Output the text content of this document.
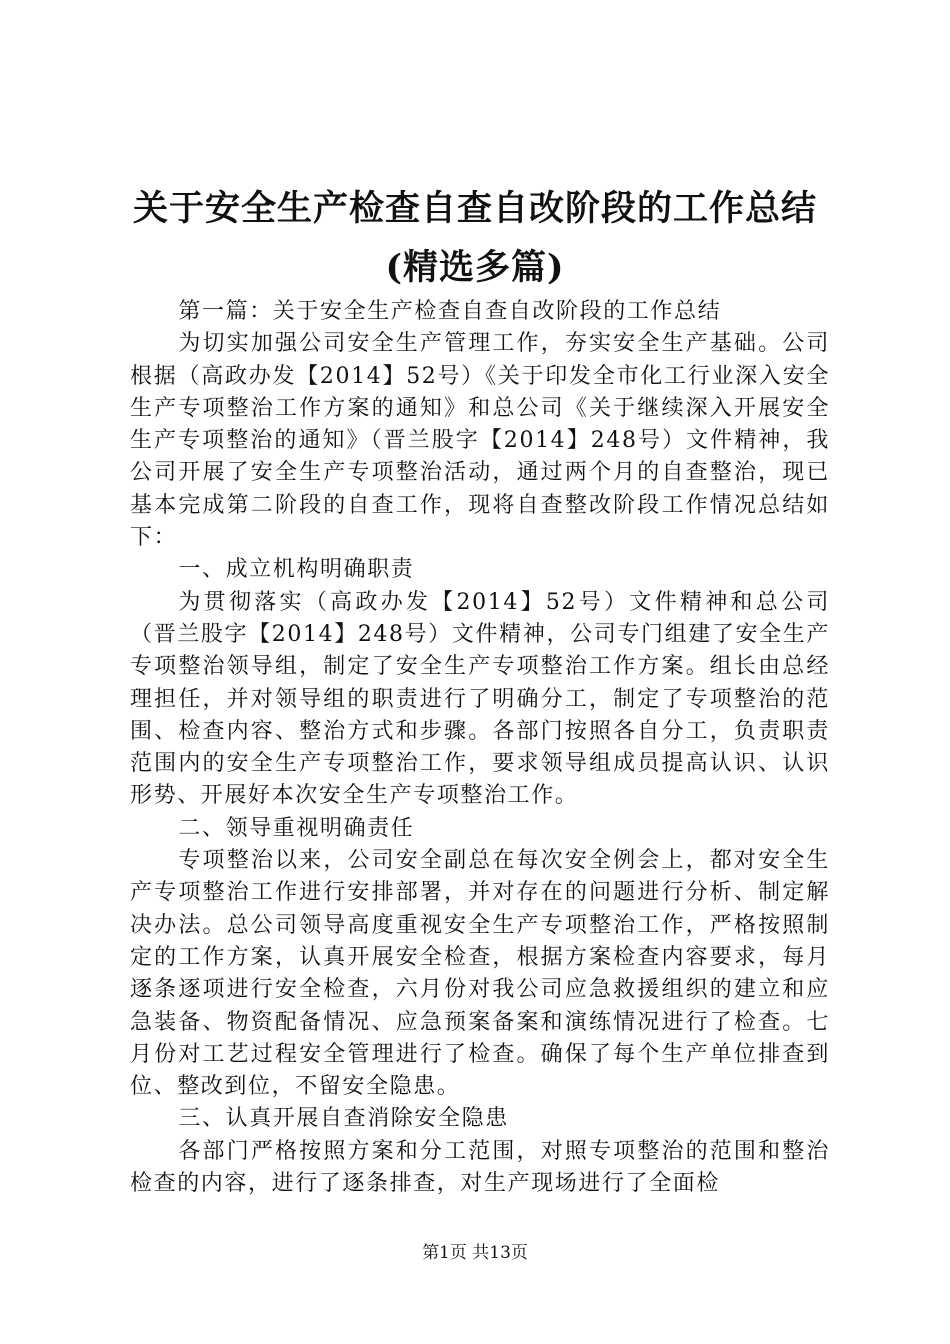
关于安全生产检查自查自改阶段的工作总结
(精选多篇)

第一篇：关于安全生产检查自查自改阶段的工作总结

为切实加强公司安全生产管理工作，夯实安全生产基础。公司根据（高政办发【2014】52号）《关于印发全市化工行业深入安全生产专项整治工作方案的通知》和总公司《关于继续深入开展安全生产专项整治的通知》（晋兰股字【2014】248号）文件精神，我公司开展了安全生产专项整治活动，通过两个月的自查整治，现已基本完成第二阶段的自查工作，现将自查整改阶段工作情况总结如下：

一、成立机构明确职责

为贯彻落实（高政办发【2014】52号）文件精神和总公司（晋兰股字【2014】248号）文件精神，公司专门组建了安全生产专项整治领导组，制定了安全生产专项整治工作方案。组长由总经理担任，并对领导组的职责进行了明确分工，制定了专项整治的范围、检查内容、整治方式和步骤。各部门按照各自分工，负责职责范围内的安全生产专项整治工作，要求领导组成员提高认识、认识形势、开展好本次安全生产专项整治工作。

二、领导重视明确责任

专项整治以来，公司安全副总在每次安全例会上，都对安全生产专项整治工作进行安排部署，并对存在的问题进行分析、制定解决办法。总公司领导高度重视安全生产专项整治工作，严格按照制定的工作方案，认真开展安全检查，根据方案检查内容要求，每月逐条逐项进行安全检查，六月份对我公司应急救援组织的建立和应急装备、物资配备情况、应急预案备案和演练情况进行了检查。七月份对工艺过程安全管理进行了检查。确保了每个生产单位排查到位、整改到位，不留安全隐患。

三、认真开展自查消除安全隐患

各部门严格按照方案和分工范围，对照专项整治的范围和整治检查的内容，进行了逐条排查，对生产现场进行了全面检

第1页 共13页
